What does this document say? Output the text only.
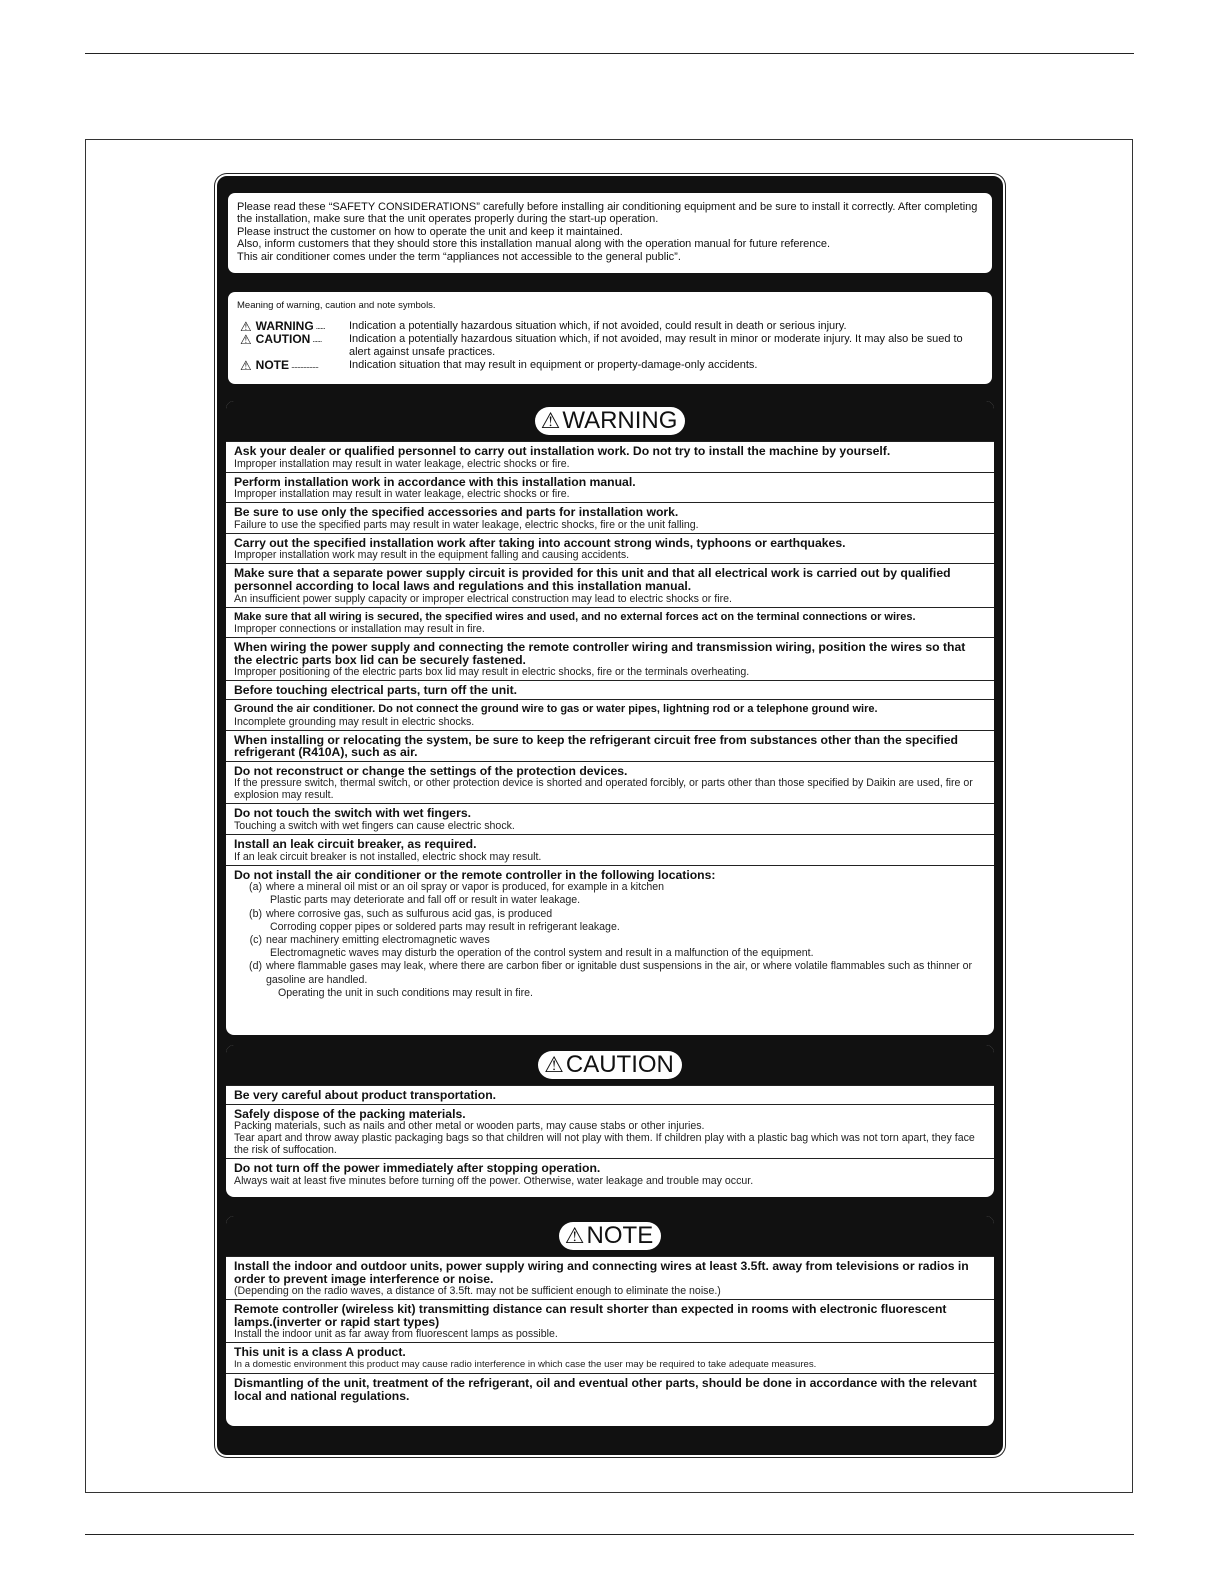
Please read these “SAFETY CONSIDERATIONS” carefully before installing air conditioning equipment and be sure to install it correctly. After completing the installation, make sure that the unit operates properly during the start-up operation.

Please instruct the customer on how to operate the unit and keep it maintained.

Also, inform customers that they should store this installation manual along with the operation manual for future reference.

This air conditioner comes under the term “appliances not accessible to the general public”.

Meaning of warning, caution and note symbols.
⚠ WARNING ...... Indication a potentially hazardous situation which, if not avoided, could result in death or serious injury.
⚠ CAUTION ......	Indication a potentially hazardous situation which, if not avoided, may result in minor or moderate injury. It may also be sued to alert against unsafe practices.
⚠ NOTE ..................	Indication situation that may result in equipment or property-damage-only accidents.
⚠ WARNING
Ask your dealer or qualified personnel to carry out installation work. Do not try to install the machine by yourself.
Improper installation may result in water leakage, electric shocks or fire.
Perform installation work in accordance with this installation manual.
Improper installation may result in water leakage, electric shocks or fire.
Be sure to use only the specified accessories and parts for installation work.
Failure to use the specified parts may result in water leakage, electric shocks, fire or the unit falling.
Carry out the specified installation work after taking into account strong winds, typhoons or earthquakes.
Improper installation work may result in the equipment falling and causing accidents.
Make sure that a separate power supply circuit is provided for this unit and that all electrical work is carried out by qualified personnel according to local laws and regulations and this installation manual.
An insufficient power supply capacity or improper electrical construction may lead to electric shocks or fire.
Make sure that all wiring is secured, the specified wires and used, and no external forces act on the terminal connections or wires.
Improper connections or installation may result in fire.
When wiring the power supply and connecting the remote controller wiring and transmission wiring, position the wires so that the electric parts box lid can be securely fastened.
Improper positioning of the electric parts box lid may result in electric shocks, fire or the terminals overheating.
Before touching electrical parts, turn off the unit.
Ground the air conditioner. Do not connect the ground wire to gas or water pipes, lightning rod or a telephone ground wire.
Incomplete grounding may result in electric shocks.
When installing or relocating the system, be sure to keep the refrigerant circuit free from substances other than the specified refrigerant (R410A), such as air.
Do not reconstruct or change the settings of the protection devices.
If the pressure switch, thermal switch, or other protection device is shorted and operated forcibly, or parts other than those specified by Daikin are used, fire or explosion may result.
Do not touch the switch with wet fingers.
Touching a switch with wet fingers can cause electric shock.
Install an leak circuit breaker, as required.
If an leak circuit breaker is not installed, electric shock may result.
Do not install the air conditioner or the remote controller in the following locations:
(a) where a mineral oil mist or an oil spray or vapor is produced, for example in a kitchen
Plastic parts may deteriorate and fall off or result in water leakage.
(b) where corrosive gas, such as sulfurous acid gas, is produced
Corroding copper pipes or soldered parts may result in refrigerant leakage.
(c) near machinery emitting electromagnetic waves
Electromagnetic waves may disturb the operation of the control system and result in a malfunction of the equipment.
(d) where flammable gases may leak, where there are carbon fiber or ignitable dust suspensions in the air, or where volatile flammables such as thinner or gasoline are handled.
Operating the unit in such conditions may result in fire.
⚠ CAUTION
Be very careful about product transportation.
Safely dispose of the packing materials.
Packing materials, such as nails and other metal or wooden parts, may cause stabs or other injuries.
Tear apart and throw away plastic packaging bags so that children will not play with them. If children play with a plastic bag which was not torn apart, they face the risk of suffocation.
Do not turn off the power immediately after stopping operation.
Always wait at least five minutes before turning off the power. Otherwise, water leakage and trouble may occur.
⚠ NOTE
Install the indoor and outdoor units, power supply wiring and connecting wires at least 3.5ft. away from televisions or radios in order to prevent image interference or noise.
(Depending on the radio waves, a distance of 3.5ft. may not be sufficient enough to eliminate the noise.)
Remote controller (wireless kit) transmitting distance can result shorter than expected in rooms with electronic fluorescent lamps.(inverter or rapid start types)
Install the indoor unit as far away from fluorescent lamps as possible.
This unit is a class A product.
In a domestic environment this product may cause radio interference in which case the user may be required to take adequate measures.
Dismantling of the unit, treatment of the refrigerant, oil and eventual other parts, should be done in accordance with the relevant local and national regulations.
